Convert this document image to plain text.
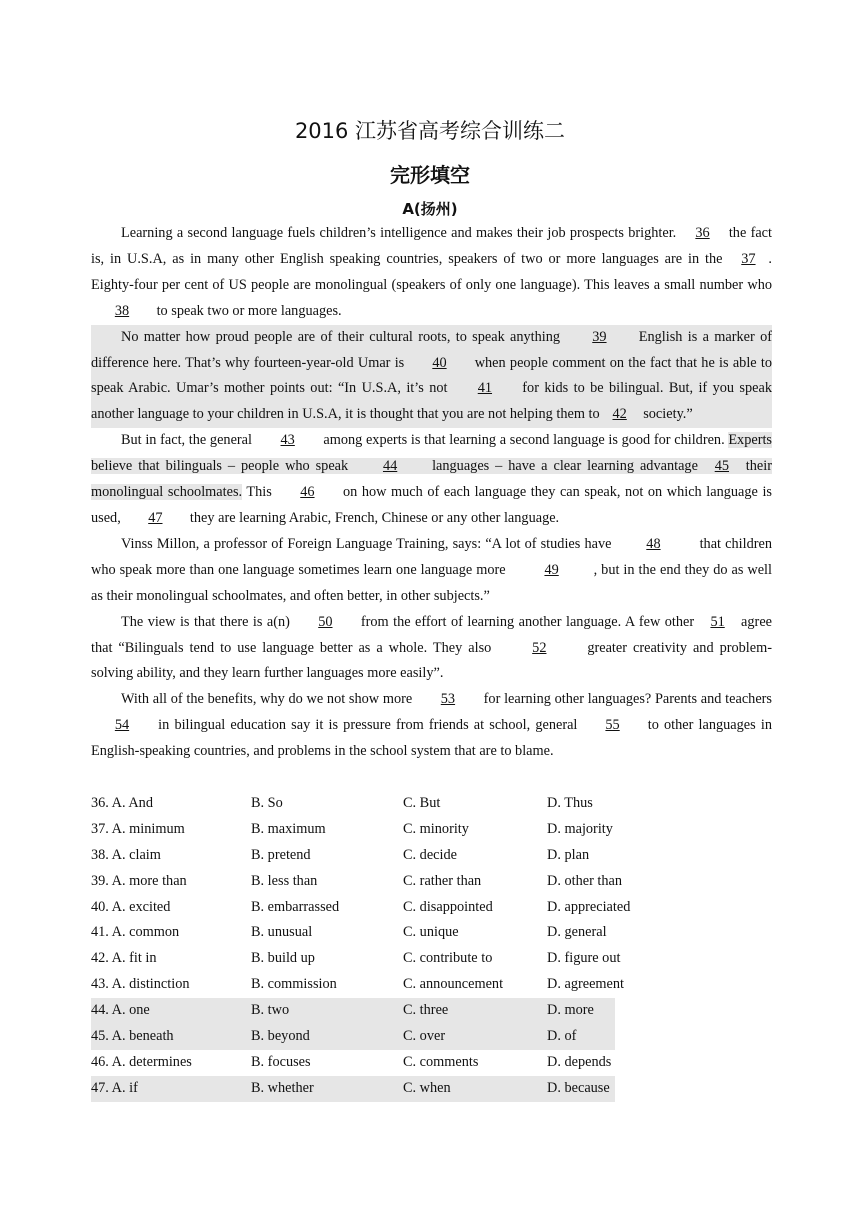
2016 江苏省高考综合训练二
完形填空
A(扬州)

Learning a second language fuels children’s intelligence and makes their job prospects brighter. 36 the fact is, in U.S.A, as in many other English speaking countries, speakers of two or more languages are in the 37 . Eighty-four per cent of US people are monolingual (speakers of only one language). This leaves a small number who 38 to speak two or more languages.

No matter how proud people are of their cultural roots, to speak anything 39 English is a marker of difference here. That’s why fourteen-year-old Umar is 40 when people comment on the fact that he is able to speak Arabic. Umar’s mother points out: “In U.S.A, it’s not 41 for kids to be bilingual. But, if you speak another language to your children in U.S.A, it is thought that you are not helping them to 42 society.”

But in fact, the general 43 among experts is that learning a second language is good for children. Experts believe that bilinguals – people who speak 44 languages – have a clear learning advantage 45 their monolingual schoolmates. This 46 on how much of each language they can speak, not on which language is used, 47 they are learning Arabic, French, Chinese or any other language.

Vinss Millon, a professor of Foreign Language Training, says: “A lot of studies have 48 that children who speak more than one language sometimes learn one language more 49 , but in the end they do as well as their monolingual schoolmates, and often better, in other subjects.”

The view is that there is a(n) 50 from the effort of learning another language. A few other 51 agree that “Bilinguals tend to use language better as a whole. They also 52 greater creativity and problem-solving ability, and they learn further languages more easily”.

With all of the benefits, why do we not show more 53 for learning other languages? Parents and teachers 54 in bilingual education say it is pressure from friends at school, general 55 to other languages in English-speaking countries, and problems in the school system that are to blame.

36. A. And	B. So	C. But	D. Thus
37. A. minimum	B. maximum	C. minority	D. majority
38. A. claim	B. pretend	C. decide	D. plan
39. A. more than	B. less than	C. rather than	D. other than
40. A. excited	B. embarrassed	C. disappointed	D. appreciated
41. A. common	B. unusual	C. unique	D. general
42. A. fit in	B. build up	C. contribute to	D. figure out
43. A. distinction	B. commission	C. announcement	D. agreement
44. A. one	B. two	C. three	D. more
45. A. beneath	B. beyond	C. over	D. of
46. A. determines	B. focuses	C. comments	D. depends
47. A. if	B. whether	C. when	D. because
